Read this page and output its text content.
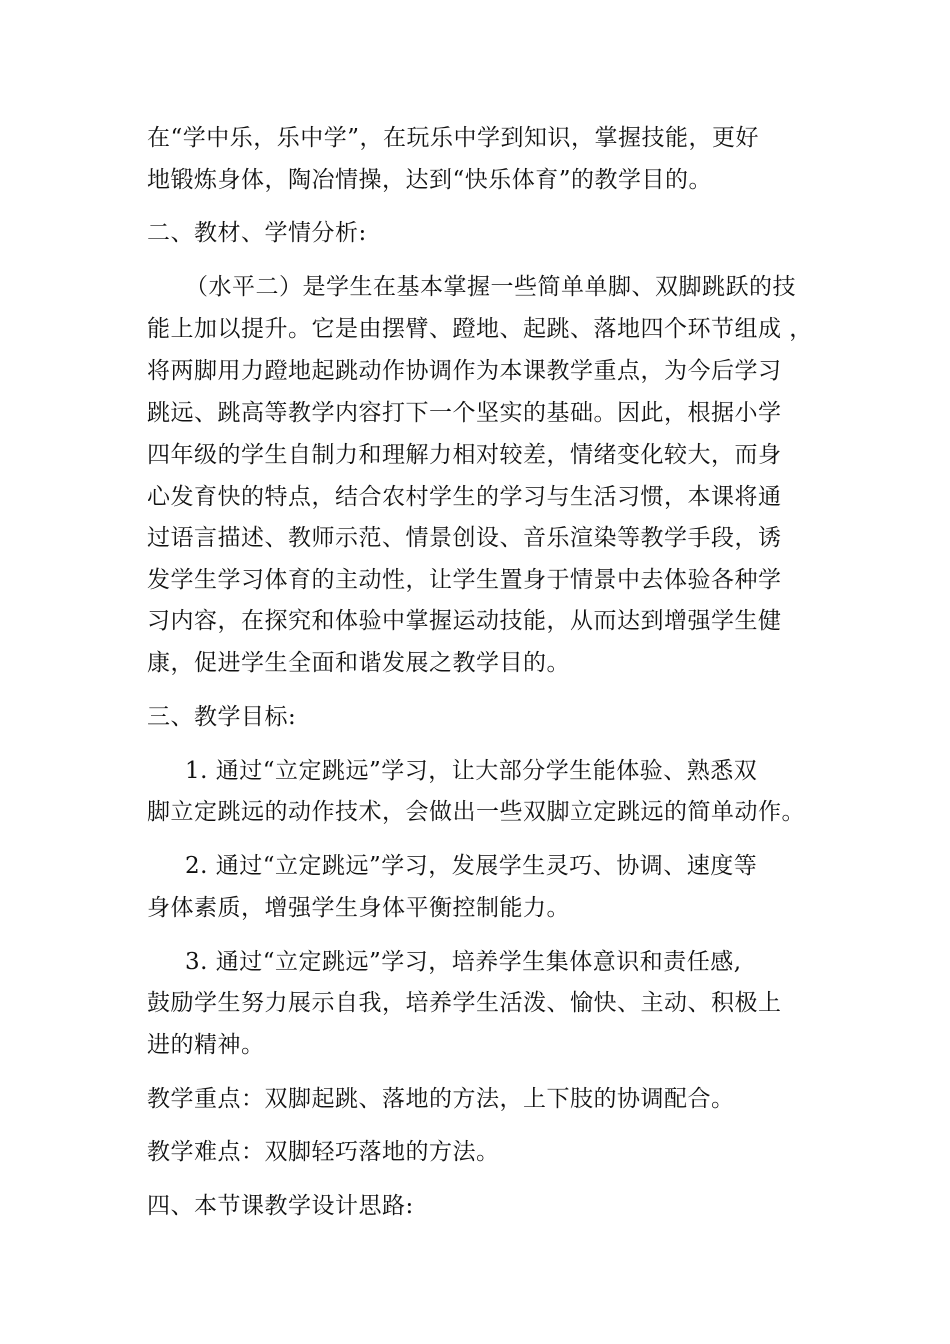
在“学中乐，乐中学”，在玩乐中学到知识，掌握技能，更好
地锻炼身体，陶冶情操，达到“快乐体育”的教学目的。
二、教材、学情分析:
（水平二）是学生在基本掌握一些简单单脚、双脚跳跃的技
能上加以提升。它是由摆臂、蹬地、起跳、落地四个环节组成 ，
将两脚用力蹬地起跳动作协调作为本课教学重点，为今后学习
跳远、跳高等教学内容打下一个坚实的基础。因此，根据小学
四年级的学生自制力和理解力相对较差，情绪变化较大，而身
心发育快的特点，结合农村学生的学习与生活习惯，本课将通
过语言描述、教师示范、情景创设、音乐渲染等教学手段，诱
发学生学习体育的主动性，让学生置身于情景中去体验各种学
习内容，在探究和体验中掌握运动技能，从而达到增强学生健
康，促进学生全面和谐发展之教学目的。
三、教学目标:
1. 通过“立定跳远”学习，让大部分学生能体验、熟悉双
脚立定跳远的动作技术，会做出一些双脚立定跳远的简单动作。
2. 通过“立定跳远”学习，发展学生灵巧、协调、速度等
身体素质，增强学生身体平衡控制能力。
3. 通过“立定跳远”学习，培养学生集体意识和责任感,
鼓励学生努力展示自我，培养学生活泼、愉快、主动、积极上
进的精神。
教学重点：双脚起跳、落地的方法，上下肢的协调配合。
教学难点：双脚轻巧落地的方法。
四、本节课教学设计思路:
